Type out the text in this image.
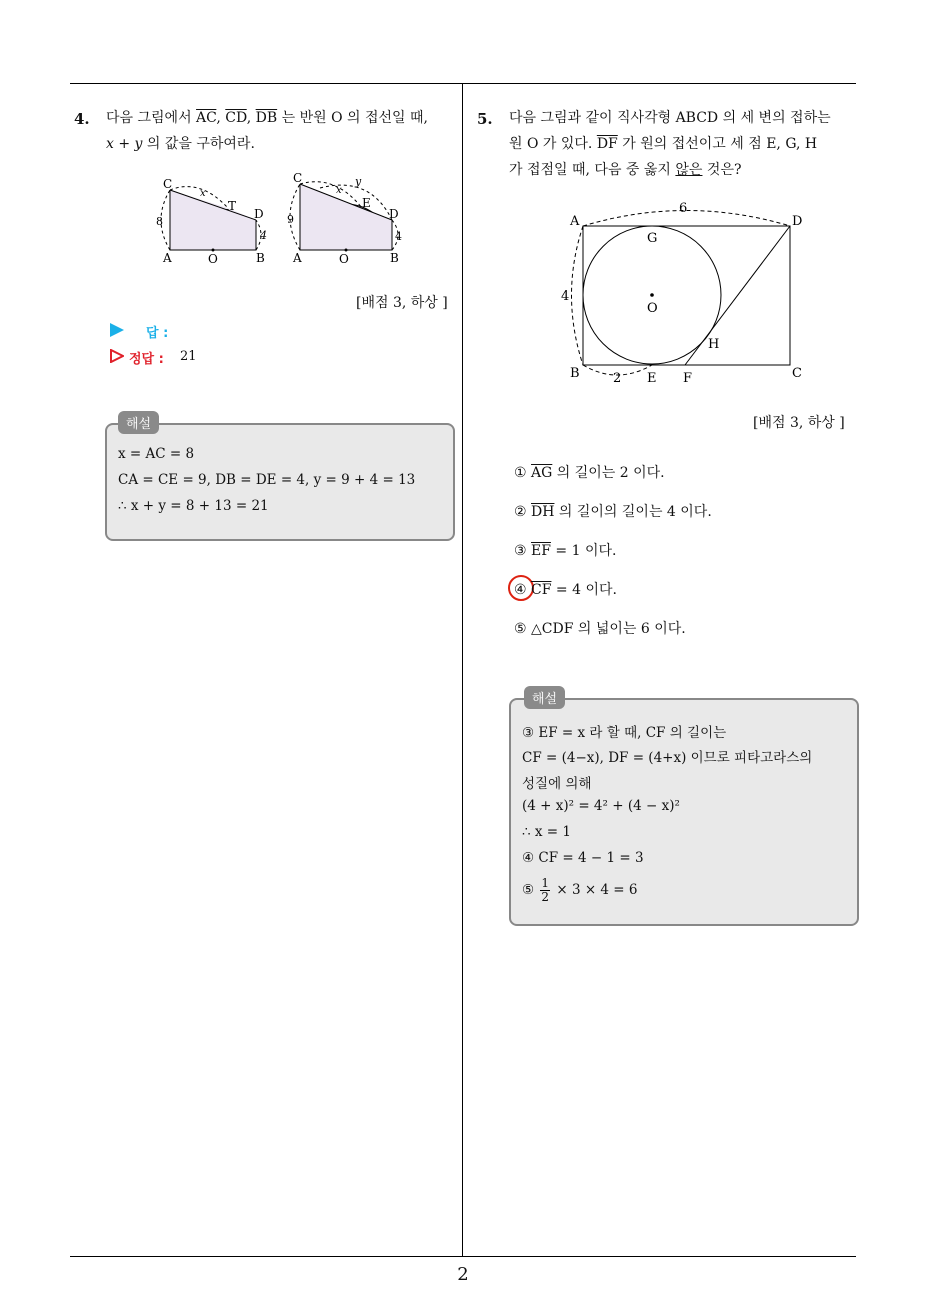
2
4. 다음 그림에서 $\overline{AC}$, $\overline{CD}$, $\overline{DB}$ 는 반원 O 의 접선일 때,
x + y 의 값을 구하여라.
C
T
D
A	O	B
8
4
x
C
E
D
A	O	B
9
4
x
y
[배점 3, 하상 ]
답 :
정답 : 21
해설
x = AC = 8
CA = CE = 9, DB = DE = 4, y = 9 + 4 = 13
∴ x + y = 8 + 13 = 21
5. 다음 그림과 같이 직사각형 ABCD 의 세 변의 접하는
원 O 가 있다. $\overline{DF}$ 가 원의 접선이고 세 점 E, G, H
가 접점일 때, 다음 중 옳지 않은 것은?
A	D
G
O
H
B	E F	C
6
4
2
[배점 3, 하상 ]
① $\overline{AG}$ 의 길이는 2 이다.
② $\overline{DH}$ 의 길이의 길이는 4 이다.
③ $\overline{EF} = 1$ 이다.
④ $\overline{CF} = 4$ 이다.
⑤ △CDF 의 넓이는 6 이다.
해설
③ EF = x 라 할 때, CF 의 길이는
CF = (4−x), DF = (4+x) 이므로 피타고라스의
성질에 의해
(4 + x)² = 4² + (4 − x)²
∴ x = 1
④ CF = 4 − 1 = 3
⑤ $\frac{1}{2} \times 3 \times 4 = 6$
